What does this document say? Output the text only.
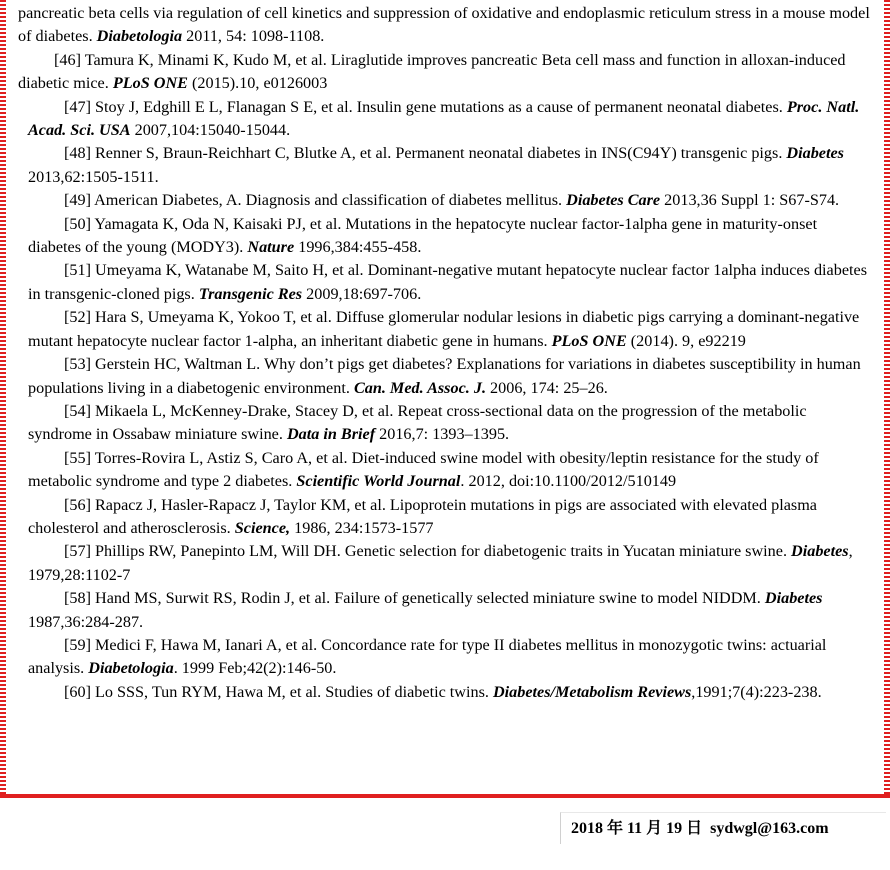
pancreatic beta cells via regulation of cell kinetics and suppression of oxidative and endoplasmic reticulum stress in a mouse model of diabetes. Diabetologia 2011, 54: 1098-1108.

[46] Tamura K, Minami K, Kudo M, et al. Liraglutide improves pancreatic Beta cell mass and function in alloxan-induced diabetic mice. PLoS ONE (2015).10, e0126003

[47] Stoy J, Edghill E L, Flanagan S E, et al. Insulin gene mutations as a cause of permanent neonatal diabetes. Proc. Natl. Acad. Sci. USA 2007,104:15040-15044.

[48] Renner S, Braun-Reichhart C, Blutke A, et al. Permanent neonatal diabetes in INS(C94Y) transgenic pigs. Diabetes 2013,62:1505-1511.

[49] American Diabetes, A. Diagnosis and classification of diabetes mellitus. Diabetes Care 2013,36 Suppl 1: S67-S74.

[50] Yamagata K, Oda N, Kaisaki PJ, et al. Mutations in the hepatocyte nuclear factor-1alpha gene in maturity-onset diabetes of the young (MODY3). Nature 1996,384:455-458.

[51] Umeyama K, Watanabe M, Saito H, et al. Dominant-negative mutant hepatocyte nuclear factor 1alpha induces diabetes in transgenic-cloned pigs. Transgenic Res 2009,18:697-706.

[52] Hara S, Umeyama K, Yokoo T, et al. Diffuse glomerular nodular lesions in diabetic pigs carrying a dominant-negative mutant hepatocyte nuclear factor 1-alpha, an inheritant diabetic gene in humans. PLoS ONE (2014). 9, e92219

[53] Gerstein HC, Waltman L. Why don’t pigs get diabetes? Explanations for variations in diabetes susceptibility in human populations living in a diabetogenic environment. Can. Med. Assoc. J. 2006, 174: 25–26.

[54] Mikaela L, McKenney-Drake, Stacey D, et al. Repeat cross-sectional data on the progression of the metabolic syndrome in Ossabaw miniature swine. Data in Brief 2016,7: 1393–1395.

[55] Torres-Rovira L, Astiz S, Caro A, et al. Diet-induced swine model with obesity/leptin resistance for the study of metabolic syndrome and type 2 diabetes. Scientific World Journal. 2012, doi:10.1100/2012/510149

[56] Rapacz J, Hasler-Rapacz J, Taylor KM, et al. Lipoprotein mutations in pigs are associated with elevated plasma cholesterol and atherosclerosis. Science, 1986, 234:1573-1577

[57] Phillips RW, Panepinto LM, Will DH. Genetic selection for diabetogenic traits in Yucatan miniature swine. Diabetes, 1979,28:1102-7

[58] Hand MS, Surwit RS, Rodin J, et al. Failure of genetically selected miniature swine to model NIDDM. Diabetes 1987,36:284-287.

[59] Medici F, Hawa M, Ianari A, et al. Concordance rate for type II diabetes mellitus in monozygotic twins: actuarial analysis. Diabetologia. 1999 Feb;42(2):146-50.

[60] Lo SSS, Tun RYM, Hawa M, et al. Studies of diabetic twins. Diabetes/Metabolism Reviews,1991;7(4):223-238.

2018 年 11 月 19 日  sydwgl@163.com
